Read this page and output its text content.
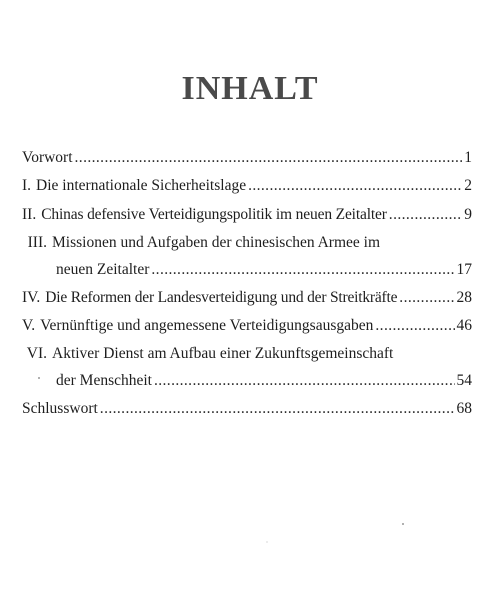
INHALT
Vorwort .....	1
I. Die internationale Sicherheitslage .....	2
II. Chinas defensive Verteidigungspolitik im neuen Zeitalter .....	9
III. Missionen und Aufgaben der chinesischen Armee im
neuen Zeitalter .....	17
IV. Die Reformen der Landesverteidigung und der Streitkräfte .....	28
V. Vernünftige und angemessene Verteidigungsausgaben .....	46
VI. Aktiver Dienst am Aufbau einer Zukunftsgemeinschaft
der Menschheit .....	54
Schlusswort .....	68
